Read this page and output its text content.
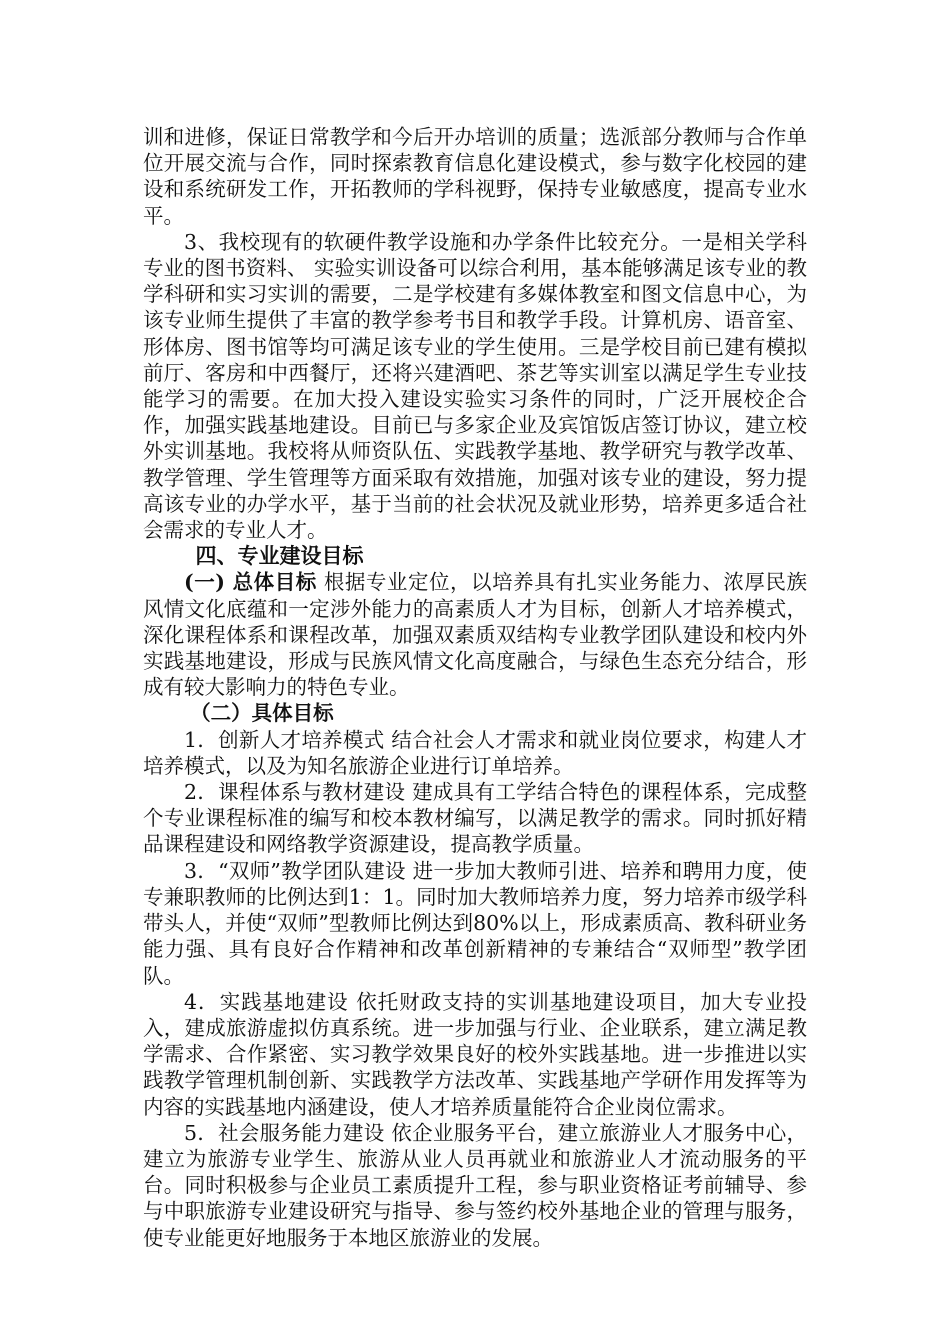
训和进修，保证日常教学和今后开办培训的质量；选派部分教师与合作单位开展交流与合作，同时探索教育信息化建设模式，参与数字化校园的建设和系统研发工作，开拓教师的学科视野，保持专业敏感度，提高专业水平。

3、我校现有的软硬件教学设施和办学条件比较充分。一是相关学科专业的图书资料、 实验实训设备可以综合利用，基本能够满足该专业的教学科研和实习实训的需要，二是学校建有多媒体教室和图文信息中心，为该专业师生提供了丰富的教学参考书目和教学手段。计算机房、语音室、形体房、图书馆等均可满足该专业的学生使用。三是学校目前已建有模拟前厅、客房和中西餐厅，还将兴建酒吧、茶艺等实训室以满足学生专业技能学习的需要。在加大投入建设实验实习条件的同时，广泛开展校企合作，加强实践基地建设。目前已与多家企业及宾馆饭店签订协议，建立校外实训基地。我校将从师资队伍、实践教学基地、教学研究与教学改革、教学管理、学生管理等方面采取有效措施，加强对该专业的建设，努力提高该专业的办学水平，基于当前的社会状况及就业形势，培养更多适合社会需求的专业人才。

四、专业建设目标

(一) 总体目标 根据专业定位，以培养具有扎实业务能力、浓厚民族风情文化底蕴和一定涉外能力的高素质人才为目标，创新人才培养模式，深化课程体系和课程改革，加强双素质双结构专业教学团队建设和校内外实践基地建设，形成与民族风情文化高度融合，与绿色生态充分结合，形成有较大影响力的特色专业。

（二）具体目标

1．创新人才培养模式 结合社会人才需求和就业岗位要求，构建人才培养模式，以及为知名旅游企业进行订单培养。

2．课程体系与教材建设 建成具有工学结合特色的课程体系，完成整个专业课程标准的编写和校本教材编写，以满足教学的需求。同时抓好精品课程建设和网络教学资源建设，提高教学质量。

3．“双师”教学团队建设 进一步加大教师引进、培养和聘用力度，使专兼职教师的比例达到1：1。同时加大教师培养力度，努力培养市级学科带头人，并使“双师”型教师比例达到80%以上，形成素质高、教科研业务能力强、具有良好合作精神和改革创新精神的专兼结合“双师型”教学团队。

4．实践基地建设 依托财政支持的实训基地建设项目，加大专业投入，建成旅游虚拟仿真系统。进一步加强与行业、企业联系，建立满足教学需求、合作紧密、实习教学效果良好的校外实践基地。进一步推进以实践教学管理机制创新、实践教学方法改革、实践基地产学研作用发挥等为内容的实践基地内涵建设，使人才培养质量能符合企业岗位需求。

5．社会服务能力建设 依企业服务平台，建立旅游业人才服务中心，建立为旅游专业学生、旅游从业人员再就业和旅游业人才流动服务的平台。同时积极参与企业员工素质提升工程，参与职业资格证考前辅导、参与中职旅游专业建设研究与指导、参与签约校外基地企业的管理与服务，使专业能更好地服务于本地区旅游业的发展。
